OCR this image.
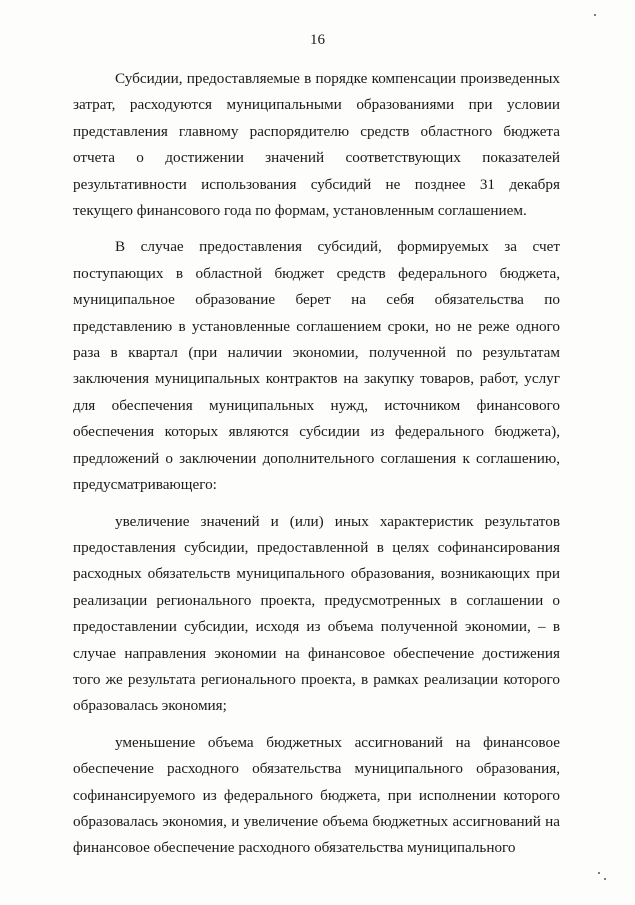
16

Субсидии, предоставляемые в порядке компенсации произведенных затрат, расходуются муниципальными образованиями при условии представления главному распорядителю средств областного бюджета отчета о достижении значений соответствующих показателей результативности использования субсидий не позднее 31 декабря текущего финансового года по формам, установленным соглашением.

В случае предоставления субсидий, формируемых за счет поступающих в областной бюджет средств федерального бюджета, муниципальное образование берет на себя обязательства по представлению в установленные соглашением сроки, но не реже одного раза в квартал (при наличии экономии, полученной по результатам заключения муниципальных контрактов на закупку товаров, работ, услуг для обеспечения муниципальных нужд, источником финансового обеспечения которых являются субсидии из федерального бюджета), предложений о заключении дополнительного соглашения к соглашению, предусматривающего:

увеличение значений и (или) иных характеристик результатов предоставления субсидии, предоставленной в целях софинансирования расходных обязательств муниципального образования, возникающих при реализации регионального проекта, предусмотренных в соглашении о предоставлении субсидии, исходя из объема полученной экономии, – в случае направления экономии на финансовое обеспечение достижения того же результата регионального проекта, в рамках реализации которого образовалась экономия;

уменьшение объема бюджетных ассигнований на финансовое обеспечение расходного обязательства муниципального образования, софинансируемого из федерального бюджета, при исполнении которого образовалась экономия, и увеличение объема бюджетных ассигнований на финансовое обеспечение расходного обязательства муниципального
